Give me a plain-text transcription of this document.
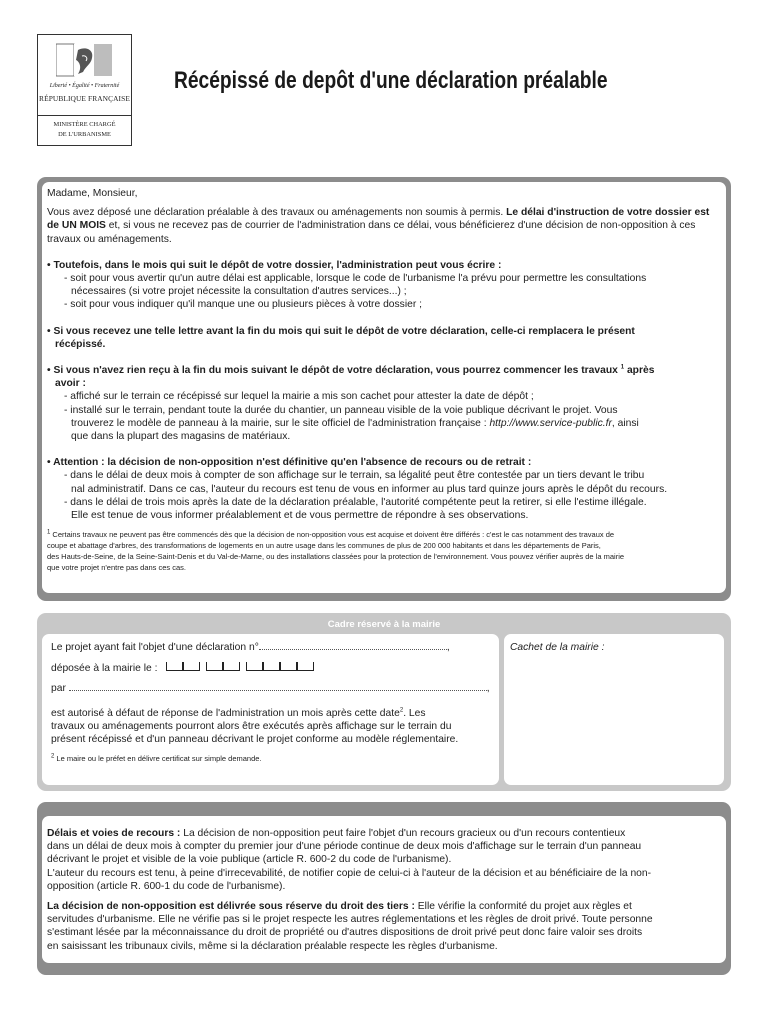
Liberté • Égalité • Fraternité
RÉPUBLIQUE FRANÇAISE
MINISTÈRE CHARGÉ
DE L'URBANISME
Récépissé de depôt d'une déclaration préalable

Madame, Monsieur,

Vous avez déposé une déclaration préalable à des travaux ou aménagements non soumis à permis. Le délai d'instruction de votre dossier est de UN MOIS et, si vous ne recevez pas de courrier de l'administration dans ce délai, vous bénéficierez d'une décision de non-opposition à ces travaux ou aménagements.

• Toutefois, dans le mois qui suit le dépôt de votre dossier, l'administration peut vous écrire :

- soit pour vous avertir qu'un autre délai est applicable, lorsque le code de l'urbanisme l'a prévu pour permettre les consultations

nécessaires (si votre projet nécessite la consultation d'autres services...) ;

- soit pour vous indiquer qu'il manque une ou plusieurs pièces à votre dossier ;

• Si vous recevez une telle lettre avant la fin du mois qui suit le dépôt de votre déclaration, celle-ci remplacera le présent

récépissé.

• Si vous n'avez rien reçu à la fin du mois suivant le dépôt de votre déclaration, vous pourrez commencer les travaux $^1$ après

avoir :

- affiché sur le terrain ce récépissé sur lequel la mairie a mis son cachet pour attester la date de dépôt ;

- installé sur le terrain, pendant toute la durée du chantier, un panneau visible de la voie publique décrivant le projet. Vous

trouverez le modèle de panneau à la mairie, sur le site officiel de l'administration française : http://www.service-public.fr, ainsi

que dans la plupart des magasins de matériaux.

• Attention : la décision de non-opposition n'est définitive qu'en l'absence de recours ou de retrait :

- dans le délai de deux mois à compter de son affichage sur le terrain, sa légalité peut être contestée par un tiers devant le tribu

nal administratif. Dans ce cas, l'auteur du recours est tenu de vous en informer au plus tard quinze jours après le dépôt du recours.

- dans le délai de trois mois après la date de la déclaration préalable, l'autorité compétente peut la retirer, si elle l'estime illégale.

Elle est tenue de vous informer préalablement et de vous permettre de répondre à ses observations.

$^1$ Certains travaux ne peuvent pas être commencés dès que la décision de non-opposition vous est acquise et doivent être différés : c'est le cas notamment des travaux de
coupe et abattage d'arbres, des transformations de logements en un autre usage dans les communes de plus de 200 000 habitants et dans les départements de Paris,
des Hauts-de-Seine, de la Seine-Saint-Denis et du Val-de-Marne, ou des installations classées pour la protection de l'environnement. Vous pouvez vérifier auprès de la mairie
que votre projet n'entre pas dans ces cas.
Cadre réservé à la mairie

Le projet ayant fait l'objet d'une déclaration n°	,

déposée à la mairie le :

par	,

est autorisé à défaut de réponse de l'administration un mois après cette date$^2$. Les

travaux ou aménagements pourront alors être exécutés après affichage sur le terrain du

présent récépissé et d'un panneau décrivant le projet conforme au modèle réglementaire.

$^2$ Le maire ou le préfet en délivre certificat sur simple demande.

Cachet de la mairie :

Délais et voies de recours : La décision de non-opposition peut faire l'objet d'un recours gracieux ou d'un recours contentieux

dans un délai de deux mois à compter du premier jour d'une période continue de deux mois d'affichage sur le terrain d'un panneau

décrivant le projet et visible de la voie publique (article R. 600-2 du code de l'urbanisme).

L'auteur du recours est tenu, à peine d'irrecevabilité, de notifier copie de celui-ci à l'auteur de la décision et au bénéficiaire de la non-

opposition (article R. 600-1 du code de l'urbanisme).

La décision de non-opposition est délivrée sous réserve du droit des tiers : Elle vérifie la conformité du projet aux règles et

servitudes d'urbanisme. Elle ne vérifie pas si le projet respecte les autres réglementations et les règles de droit privé. Toute personne

s'estimant lésée par la méconnaissance du droit de propriété ou d'autres dispositions de droit privé peut donc faire valoir ses droits

en saisissant les tribunaux civils, même si la déclaration préalable respecte les règles d'urbanisme.
